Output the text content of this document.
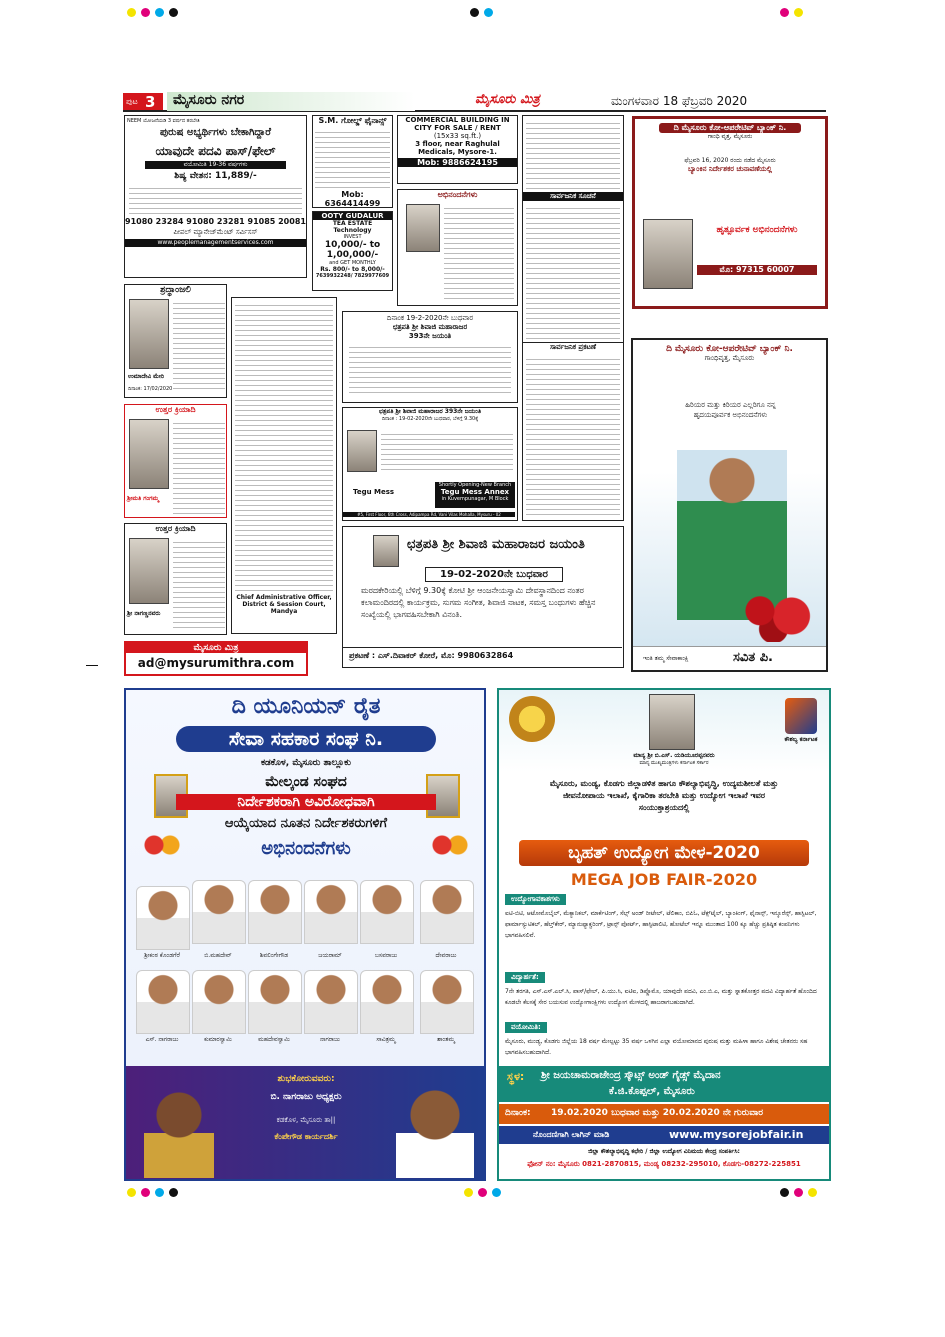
ಪುಟ 3	ಮೈಸೂರು ನಗರ	ಮೈಸೂರು ಮಿತ್ರ	ಮಂಗಳವಾರ 18 ಫೆಬ್ರವರಿ 2020
NEEM ಯೋಜನೆಯಡಿ 3 ವರ್ಷದ ತರಬೇತಿ
ಪುರುಷ ಅಭ್ಯರ್ಥಿಗಳು ಬೇಕಾಗಿದ್ದಾರೆ
ಯಾವುದೇ ಪದವಿ ಪಾಸ್/ಫೇಲ್
ವಯೋಮಿತಿ 19-36 ವರ್ಷಗಳು
ಶಿಷ್ಯ ವೇತನ: 11,889/-
91080 23284 91080 23281 91085 20081
ಪೀಪಲ್ ಮ್ಯಾನೇಜ್‌ಮೆಂಟ್ ಸರ್ವಿಸಸ್
www.peoplemanagementservices.com
ಶ್ರದ್ಧಾಂಜಲಿ
ಉಮಾದೇವಿ ಮೇರಿ
ದಿನಾಂಕ: 17/02/2020
ಉತ್ತರ ಕ್ರಿಯಾದಿ
ಶ್ರೀಮತಿ ಗಂಗಮ್ಮ
ಉತ್ತರ ಕ್ರಿಯಾದಿ
ಶ್ರೀ ನಾಗಣ್ಣನವರು
ಮೈಸೂರು ಮಿತ್ರ
ad@mysurumithra.com
Chief Administrative Officer, District & Session Court, Mandya
S.M. ಗೋಲ್ಡ್ ಫೈನಾನ್ಸ್
Mob: 6364414499
OOTY GUDALUR
TEA ESTATE Technology
INVEST
10,000/- to
1,00,000/-
and GET MONTHLY
Rs. 800/- to 8,000/-
7639932248/ 7829977609
COMMERCIAL BUILDING IN CITY FOR SALE / RENT
(15x33 sq.ft.)
3 floor, near Raghulal Medicals, Mysore-1.
Mob: 9886624195
ಅಭಿನಂದನೆಗಳು
ದಿನಾಂಕ 19-2-2020ನೇ ಬುಧವಾರ
ಛತ್ರಪತಿ ಶ್ರೀ ಶಿವಾಜಿ ಮಹಾರಾಜರ
393ನೇ ಜಯಂತಿ
ಛತ್ರಪತಿ ಶ್ರೀ ಶಿವಾಜಿ ಮಹಾರಾಜರ 393ನೇ ಜಯಂತಿ
ದಿನಾಂಕ : 19-02-2020ನೇ ಬುಧವಾರ, ಬೆಳಿಗ್ಗೆ 9.30ಕ್ಕೆ
Tegu Mess
Shortly Opening-New Branch
Tegu Mess Annex
in Kuvempunagar, M Block
#5, First Floor, 6th Cross, Adipampa Rd, Vani Vilas Mohalla, Mysuru - 02
ಛತ್ರಪತಿ ಶ್ರೀ ಶಿವಾಜಿ ಮಹಾರಾಜರ ಜಯಂತಿ
19-02-2020ನೇ ಬುಧವಾರ
ಮರದಕೇರಿಯಲ್ಲಿ ಬೆಳಿಗ್ಗೆ 9.30ಕ್ಕೆ ಕೋಟಿ ಶ್ರೀ ಆಂಜನೇಯಸ್ವಾಮಿ ದೇವಸ್ಥಾನದಿಂದ ನಂತರ ಕಲಾಮಂದಿರದಲ್ಲಿ ಕಾರ್ಯಕ್ರಮ, ಸುಗಮ ಸಂಗೀತ, ಶಿವಾಜಿ ನಾಟಕ, ಸಮಸ್ತ ಬಂಧುಗಳು ಹೆಚ್ಚಿನ ಸಂಖ್ಯೆಯಲ್ಲಿ ಭಾಗವಹಿಸಬೇಕಾಗಿ ವಿನಂತಿ.
ಪ್ರಕಟಣೆ : ಎಸ್.ದಿವಾಕರ್ ಕೋರೆ, ಮೊ: 9980632864
ಸಾರ್ವಜನಿಕ ಸೂಚನೆ
ಸಾರ್ವಜನಿಕ ಪ್ರಕಟಣೆ
ದಿ ಮೈಸೂರು ಕೋ-ಆಪರೇಟಿವ್ ಬ್ಯಾಂಕ್ ನಿ.
ಗಾಂಧಿ ವೃತ್ತ, ಮೈಸೂರು
ಫೆಬ್ರವರಿ 16, 2020 ರಂದು ನಡೆದ ಮೈಸೂರು
ಬ್ಯಾಂಕಿನ ನಿರ್ದೇಶಕರ ಚುನಾವಣೆಯಲ್ಲಿ
ಹೃತ್ಪೂರ್ವಕ ಅಭಿನಂದನೆಗಳು
ಮೊ: 97315 60007
ದಿ ಮೈಸೂರು ಕೋ-ಆಪರೇಟಿವ್ ಬ್ಯಾಂಕ್ ನಿ.
ಗಾಂಧಿವೃತ್ತ, ಮೈಸೂರು
ಹಿರಿಯರ ಮತ್ತು ಕಿರಿಯರ ಎಲ್ಲರಿಗೂ ನನ್ನ ಹೃದಯಪೂರ್ವಕ ಅಭಿನಂದನೆಗಳು
ಇಂತಿ ತಮ್ಮ ಸೇವಾಕಾಂಕ್ಷಿ	ಸವಿತ ಪಿ.
ದಿ ಯೂನಿಯನ್ ರೈತ
ಸೇವಾ ಸಹಕಾರ ಸಂಘ ನಿ.
ಕಡಕೊಳ, ಮೈಸೂರು ತಾಲ್ಲೂಕು
ಮೇಲ್ಕಂಡ ಸಂಘದ
ನಿರ್ದೇಶಕರಾಗಿ ಅವಿರೋಧವಾಗಿ
ಆಯ್ಕೆಯಾದ ನೂತನ ನಿರ್ದೇಶಕರುಗಳಿಗೆ
ಅಭಿನಂದನೆಗಳು
ಶ್ರೀಕಂಠ ಕೊಂಡಗೆರೆ	ಬಿ.ಮಹದೇವ್	ಶಿವಲಿಂಗೇಗೌಡ	ಜಯರಾಮ್	ಬಸವರಾಜು	ದೇವರಾಜು
ಎಸ್. ನಾಗರಾಜು	ಕುಮಾರಸ್ವಾಮಿ	ಮಹದೇವಸ್ವಾಮಿ	ನಾಗರಾಜು	ಸಾವಿತ್ರಮ್ಮ	ಶಾಂತಮ್ಮ
ಶುಭಕೋರುವವರು:
ಬಿ. ನಾಗರಾಜು ಅಧ್ಯಕ್ಷರು
ಕಡಕೊಳ, ಮೈಸೂರು ತಾ||
ಕೆಂಪೇಗೌಡ ಕಾರ್ಯದರ್ಶಿ
ಮಾನ್ಯ ಶ್ರೀ ಬಿ.ಎಸ್. ಯಡಿಯೂರಪ್ಪನವರು
ಮಾನ್ಯ ಮುಖ್ಯಮಂತ್ರಿಗಳು ಕರ್ನಾಟಕ ಸರ್ಕಾರ
ಕೌಶಲ್ಯ ಕರ್ನಾಟಕ
ಮೈಸೂರು, ಮಂಡ್ಯ, ಕೊಡಗು ಜಿಲ್ಲಾಡಳಿತ ಹಾಗೂ ಕೌಶಲ್ಯಾಭಿವೃದ್ಧಿ, ಉದ್ಯಮಶೀಲತೆ ಮತ್ತು ಜೀವನೋಪಾಯ ಇಲಾಖೆ, ಕೈಗಾರಿಕಾ ತರಬೇತಿ ಮತ್ತು ಉದ್ಯೋಗ ಇಲಾಖೆ ಇವರ ಸಂಯುಕ್ತಾಶ್ರಯದಲ್ಲಿ
ಬೃಹತ್ ಉದ್ಯೋಗ ಮೇಳ-2020
MEGA JOB FAIR-2020
ಉದ್ಯೋಗಾವಕಾಶಗಳು
ಐಟಿ-ಬಿಟಿ, ಆಟೋಮೊಬೈಲ್, ಮೆಕ್ಯಾನಿಕಲ್, ಮಾರ್ಕೆಟಿಂಗ್, ಸೆಲ್ಸ್ ಅಂಡ್ ರೀಟೇಲ್, ಟೆಲಿಕಾಂ, ಬಿಪಿಓ, ಟೆಕ್ಸ್‌ಟೈಲ್, ಬ್ಯಾಂಕಿಂಗ್, ಫೈನಾನ್ಸ್, ಇನ್ಶೂರೆನ್ಸ್, ಹಾಸ್ಪಿಟಲ್, ಫಾರ್ಮಾಸ್ಯುಟಿಕಲ್, ಹೆಲ್ತ್‌ಕೇರ್, ಮ್ಯಾನುಫ್ಯಾಕ್ಚರಿಂಗ್, ಟ್ರಾನ್ಸ್ ಪೋರ್ಟ್, ಹಾಸ್ಪಿಟಾಲಿಟಿ, ಹೋಟೆಲ್ ಇನ್ನೂ ಮುಂತಾದ 100 ಕ್ಕೂ ಹೆಚ್ಚು ಪ್ರತಿಷ್ಠಿತ ಕಂಪನಿಗಳು ಭಾಗವಹಿಸಲಿವೆ.
ವಿದ್ಯಾರ್ಹತೆ:
7ನೇ ತರಗತಿ, ಎಸ್.ಎಸ್.ಎಲ್.ಸಿ, ಪಾಸ್/ಫೇಲ್, ಪಿ.ಯು.ಸಿ, ಐಟಿಐ, ಡಿಪ್ಲೊಮೊ, ಯಾವುದೇ ಪದವಿ, ಎಂ.ಬಿ.ಎ, ಮತ್ತು ಸ್ನಾತಕೋತ್ತರ ಪದವಿ ವಿದ್ಯಾರ್ಹತೆ ಹೊಂದಿದ ಕೂಡಲೇ ಕೆಲಸಕ್ಕೆ ಸೇರ ಬಯಸುವ ಉದ್ಯೋಗಾಂಕ್ಷಿಗಳು ಉದ್ಯೋಗ ಮೇಳದಲ್ಲಿ ಹಾಜರಾಗಬಹುದಾಗಿದೆ.
ವಯೋಮಿತಿ:
ಮೈಸೂರು, ಮಂಡ್ಯ, ಕೊಡಗು ಜಿಲ್ಲೆಯ 18 ವರ್ಷ ಮೇಲ್ಪಟ್ಟು 35 ವರ್ಷ ಒಳಗಿನ ಎಲ್ಲಾ ವಯೋಮಾನದ ಪುರುಷ ಮತ್ತು ಮಹಿಳಾ ಹಾಗೂ ವಿಶೇಷ ಚೇತನರು ಸಹ ಭಾಗವಹಿಸಬಹುದಾಗಿದೆ.
ಸ್ಥಳ: ಶ್ರೀ ಜಯಚಾಮರಾಜೇಂದ್ರ ಸ್ಕೌಟ್ಸ್ ಅಂಡ್ ಗೈಡ್ಸ್ ಮೈದಾನ
ಕೆ.ಜಿ.ಕೊಪ್ಪಲ್, ಮೈಸೂರು
ದಿನಾಂಕ: 19.02.2020 ಬುಧವಾರ ಮತ್ತು 20.02.2020 ನೇ ಗುರುವಾರ
ನೊಂದಣಿಗಾಗಿ ಲಾಗಿನ್ ಮಾಡಿ	www.mysorejobfair.in
ಜಿಲ್ಲಾ ಕೌಶಲ್ಯಾಭಿವೃದ್ಧಿ ಕಛೇರಿ / ಜಿಲ್ಲಾ ಉದ್ಯೋಗ ವಿನಿಮಯ ಕೇಂದ್ರ ಸಂಪರ್ಕಿಸಿ:
ಫೋನ್ ನಂ: ಮೈಸೂರು 0821-2870815, ಮಂಡ್ಯ 08232-295010, ಕೊಡಗು-08272-225851
